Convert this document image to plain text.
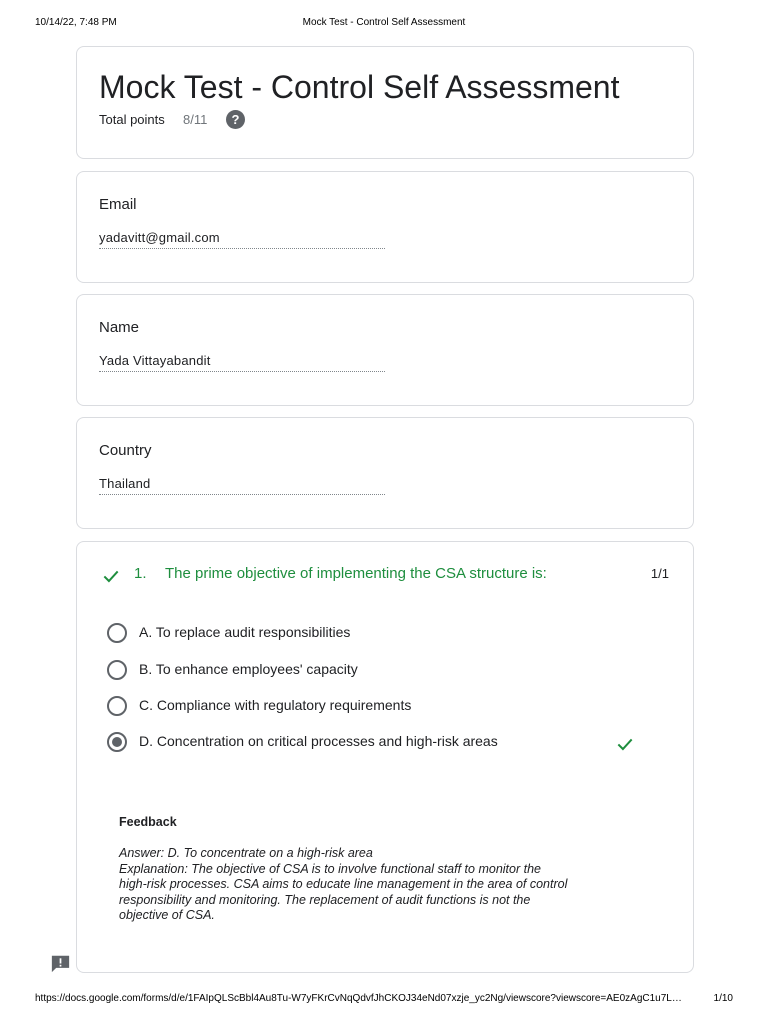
10/14/22, 7:48 PM	Mock Test - Control Self Assessment
Mock Test - Control Self Assessment
Total points 8/11	?
Email
yadavitt@gmail.com
Name
Yada Vittayabandit
Country
Thailand
1. The prime objective of implementing the CSA structure is:	1/1
A. To replace audit responsibilities
B. To enhance employees' capacity
C. Compliance with regulatory requirements
D. Concentration on critical processes and high-risk areas
Feedback
Answer: D. To concentrate on a high-risk area
Explanation: The objective of CSA is to involve functional staff to monitor the
high-risk processes. CSA aims to educate line management in the area of control
responsibility and monitoring. The replacement of audit functions is not the
objective of CSA.
https://docs.google.com/forms/d/e/1FAIpQLScBbl4Au8Tu-W7yFKrCvNqQdvfJhCKOJ34eNd07xzje_yc2Ng/viewscore?viewscore=AE0zAgC1u7L…	1/10
